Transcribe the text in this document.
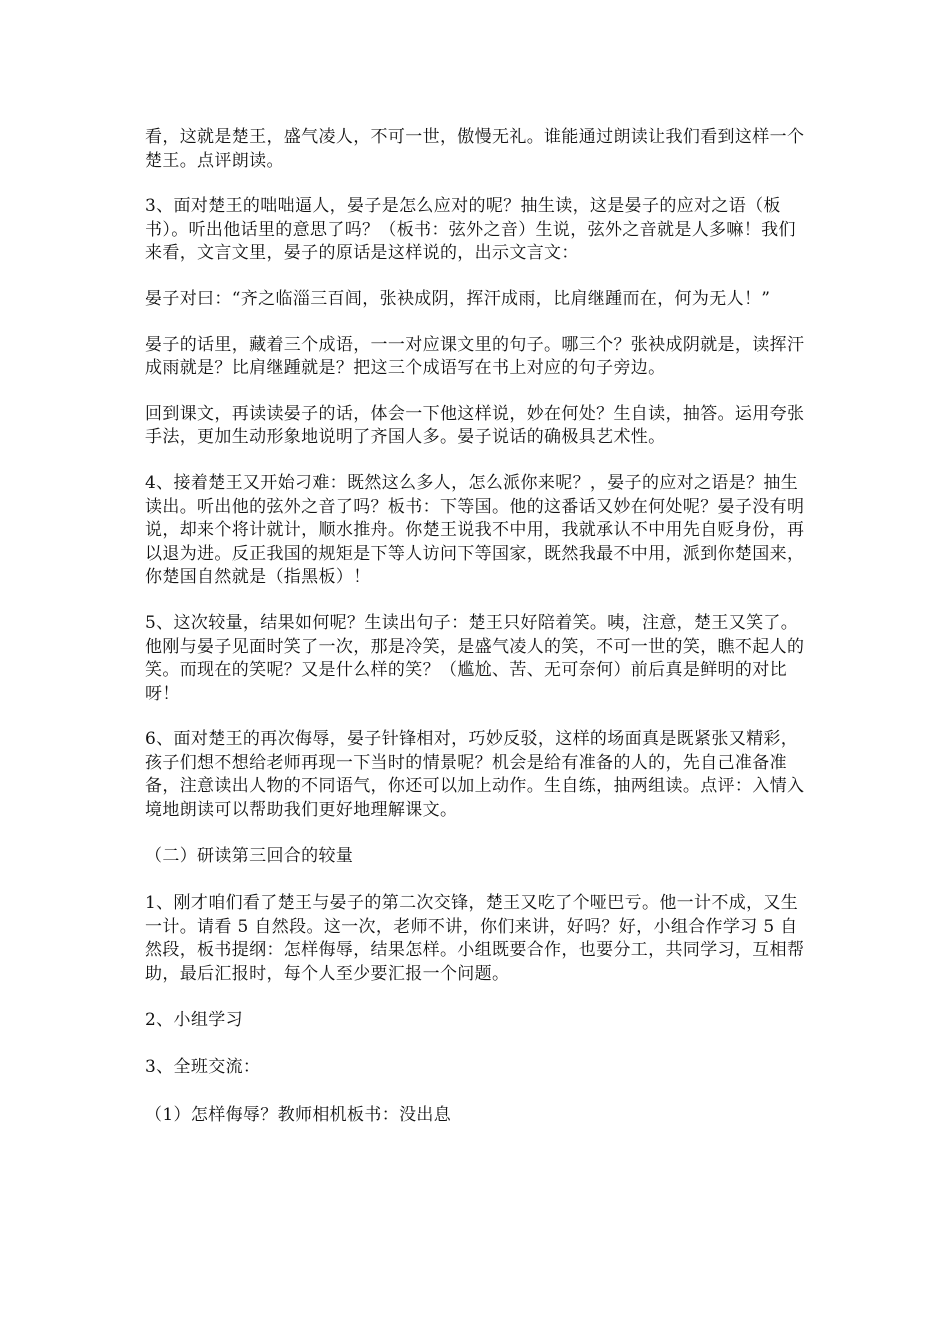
看，这就是楚王，盛气凌人，不可一世，傲慢无礼。谁能通过朗读让我们看到这样一个楚王。点评朗读。

3、面对楚王的咄咄逼人，晏子是怎么应对的呢？抽生读，这是晏子的应对之语（板书）。听出他话里的意思了吗？（板书：弦外之音）生说，弦外之音就是人多嘛！我们来看，文言文里，晏子的原话是这样说的，出示文言文：

晏子对曰：“齐之临淄三百闾，张袂成阴，挥汗成雨，比肩继踵而在，何为无人！”

晏子的话里，藏着三个成语，一一对应课文里的句子。哪三个？张袂成阴就是，读挥汗成雨就是？比肩继踵就是？把这三个成语写在书上对应的句子旁边。

回到课文，再读读晏子的话，体会一下他这样说，妙在何处？生自读，抽答。运用夸张手法，更加生动形象地说明了齐国人多。晏子说话的确极具艺术性。

4、接着楚王又开始刁难：既然这么多人，怎么派你来呢？，晏子的应对之语是？抽生读出。听出他的弦外之音了吗？板书：下等国。他的这番话又妙在何处呢？晏子没有明说，却来个将计就计，顺水推舟。你楚王说我不中用，我就承认不中用先自贬身份，再以退为进。反正我国的规矩是下等人访问下等国家，既然我最不中用，派到你楚国来，你楚国自然就是（指黑板）！

5、这次较量，结果如何呢？生读出句子：楚王只好陪着笑。咦，注意，楚王又笑了。他刚与晏子见面时笑了一次，那是冷笑，是盛气凌人的笑，不可一世的笑，瞧不起人的笑。而现在的笑呢？又是什么样的笑？（尴尬、苦、无可奈何）前后真是鲜明的对比呀！

6、面对楚王的再次侮辱，晏子针锋相对，巧妙反驳，这样的场面真是既紧张又精彩，孩子们想不想给老师再现一下当时的情景呢？机会是给有准备的人的，先自己准备准备，注意读出人物的不同语气，你还可以加上动作。生自练，抽两组读。点评：入情入境地朗读可以帮助我们更好地理解课文。

（二）研读第三回合的较量

1、刚才咱们看了楚王与晏子的第二次交锋，楚王又吃了个哑巴亏。他一计不成，又生一计。请看 5 自然段。这一次，老师不讲，你们来讲，好吗？好，小组合作学习 5 自然段，板书提纲：怎样侮辱，结果怎样。小组既要合作，也要分工，共同学习，互相帮助，最后汇报时，每个人至少要汇报一个问题。

2、小组学习

3、全班交流：

（1）怎样侮辱？教师相机板书：没出息
